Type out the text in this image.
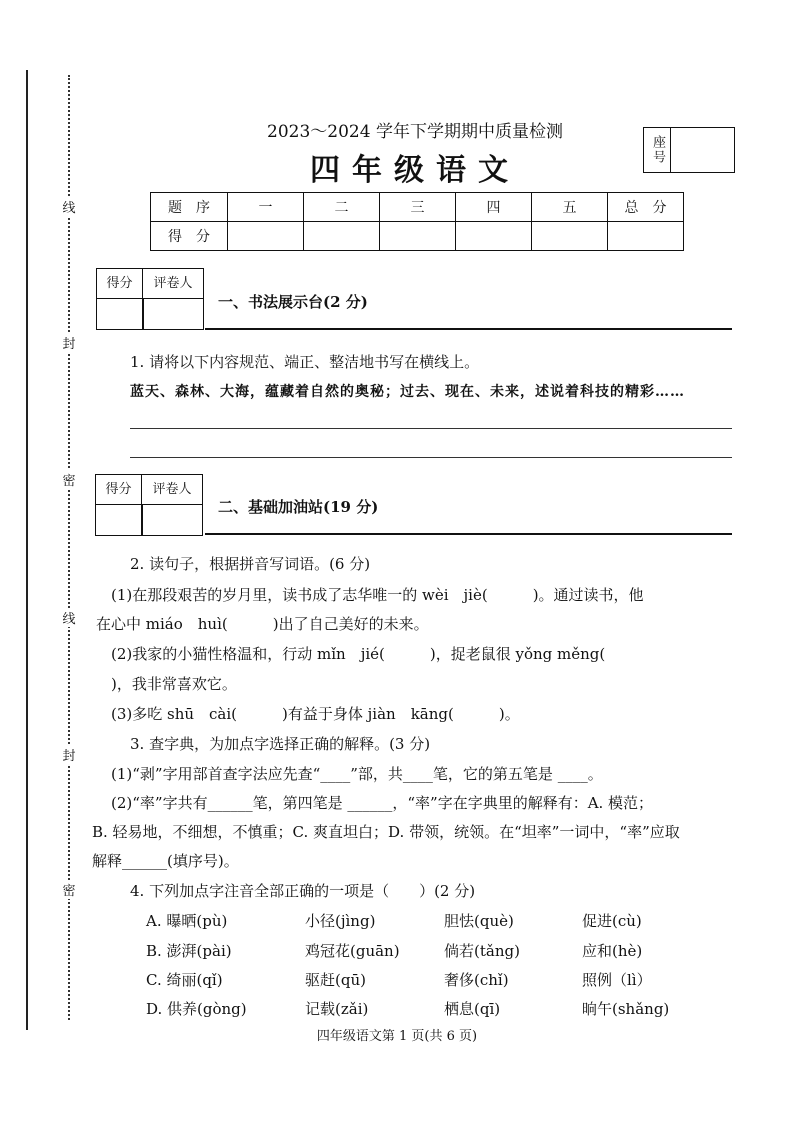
线
封
密
线
封
密
2023～2024 学年下学期期中质量检测
四年级语文
座号
题　序	一	二	三	四	五	总　分
得　分						
得分	评卷人
一、书法展示台(2 分)
1. 请将以下内容规范、端正、整洁地书写在横线上。
蓝天、森林、大海，蕴藏着自然的奥秘；过去、现在、未来，述说着科技的精彩……
得分	评卷人
二、基础加油站(19 分)
2. 读句子，根据拼音写词语。(6 分)
　(1)在那段艰苦的岁月里，读书成了志华唯一的 wèi　jiè(　　　)。通过读书，他
在心中 miáo　huì(　　　)出了自己美好的未来。
　(2)我家的小猫性格温和，行动 mǐn　jié(　　　)，捉老鼠很 yǒng měng(
　)，我非常喜欢它。
　(3)多吃 shū　cài(　　　)有益于身体 jiàn　kāng(　　　)。
3. 查字典，为加点字选择正确的解释。(3 分)
　(1)“剥”字用部首查字法应先查“____”部，共____笔，它的第五笔是 ____。
　(2)“率”字共有______笔，第四笔是 ______，“率”字在字典里的解释有：A. 模范；
B. 轻易地，不细想，不慎重；C. 爽直坦白；D. 带领，统领。在“坦率”一词中，“率”应取
解释______(填序号)。
4. 下列加点字注音全部正确的一项是（　　）(2 分)
A. 曝晒(pù)	小径(jìng)	胆怯(què)	促进(cù)
B. 澎湃(pài)	鸡冠花(guān)	倘若(tǎng)	应和(hè)
C. 绮丽(qǐ)	驱赶(qū)	奢侈(chǐ)	照例（lì）
D. 供养(gòng)	记载(zǎi)	栖息(qī)	晌午(shǎng)
四年级语文第 1 页(共 6 页)
